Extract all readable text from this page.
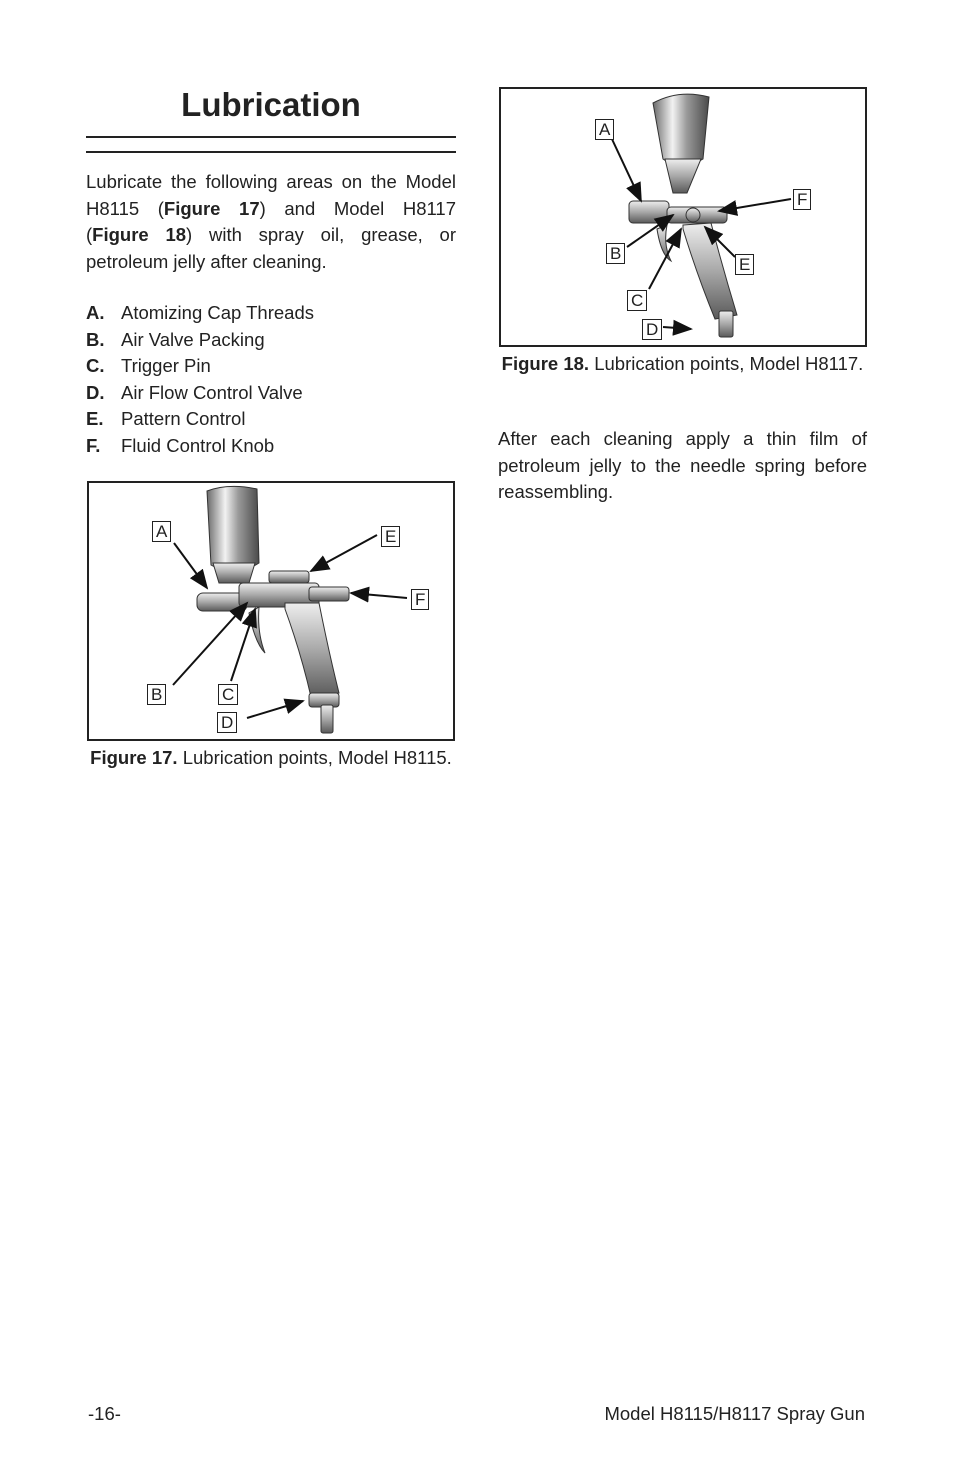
Lubrication
Lubricate the following areas on the Model H8115 (Figure 17) and Model H8117 (Figure 18) with spray oil, grease, or petroleum jelly after cleaning.
A. Atomizing Cap Threads
B. Air Valve Packing
C. Trigger Pin
D. Air Flow Control Valve
E. Pattern Control
F.	Fluid Control Knob
A	E
F
B	C
D
Figure 17. Lubrication points, Model H8115.
A
F
B
E
C
D
Figure 18. Lubrication points, Model H8117.
After each cleaning apply a thin film of petroleum jelly to the needle spring before reassembling.
-16-	Model H8115/H8117 Spray Gun
